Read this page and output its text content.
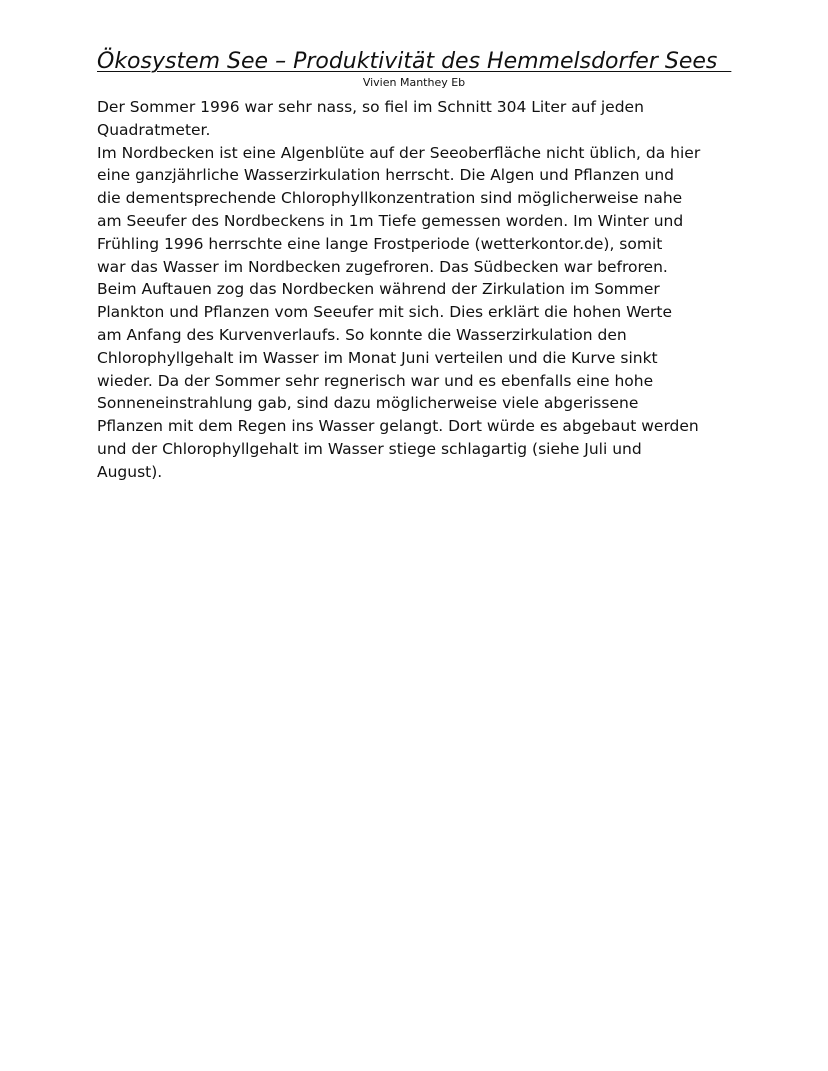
Ökosystem See – Produktivität des Hemmelsdorfer Sees
Vivien Manthey Eb

Der Sommer 1996 war sehr nass, so fiel im Schnitt 304 Liter auf jeden
Quadratmeter.

Im Nordbecken ist eine Algenblüte auf der Seeoberfläche nicht üblich, da hier
eine ganzjährliche Wasserzirkulation herrscht. Die Algen und Pflanzen und
die dementsprechende Chlorophyllkonzentration sind möglicherweise nahe
am Seeufer des Nordbeckens in 1m Tiefe gemessen worden. Im Winter und
Frühling 1996 herrschte eine lange Frostperiode (wetterkontor.de), somit
war das Wasser im Nordbecken zugefroren. Das Südbecken war befroren.
Beim Auftauen zog das Nordbecken während der Zirkulation im Sommer
Plankton und Pflanzen vom Seeufer mit sich. Dies erklärt die hohen Werte
am Anfang des Kurvenverlaufs. So konnte die Wasserzirkulation den
Chlorophyllgehalt im Wasser im Monat Juni verteilen und die Kurve sinkt
wieder. Da der Sommer sehr regnerisch war und es ebenfalls eine hohe
Sonneneinstrahlung gab, sind dazu möglicherweise viele abgerissene
Pflanzen mit dem Regen ins Wasser gelangt. Dort würde es abgebaut werden
und der Chlorophyllgehalt im Wasser stiege schlagartig (siehe Juli und
August).
